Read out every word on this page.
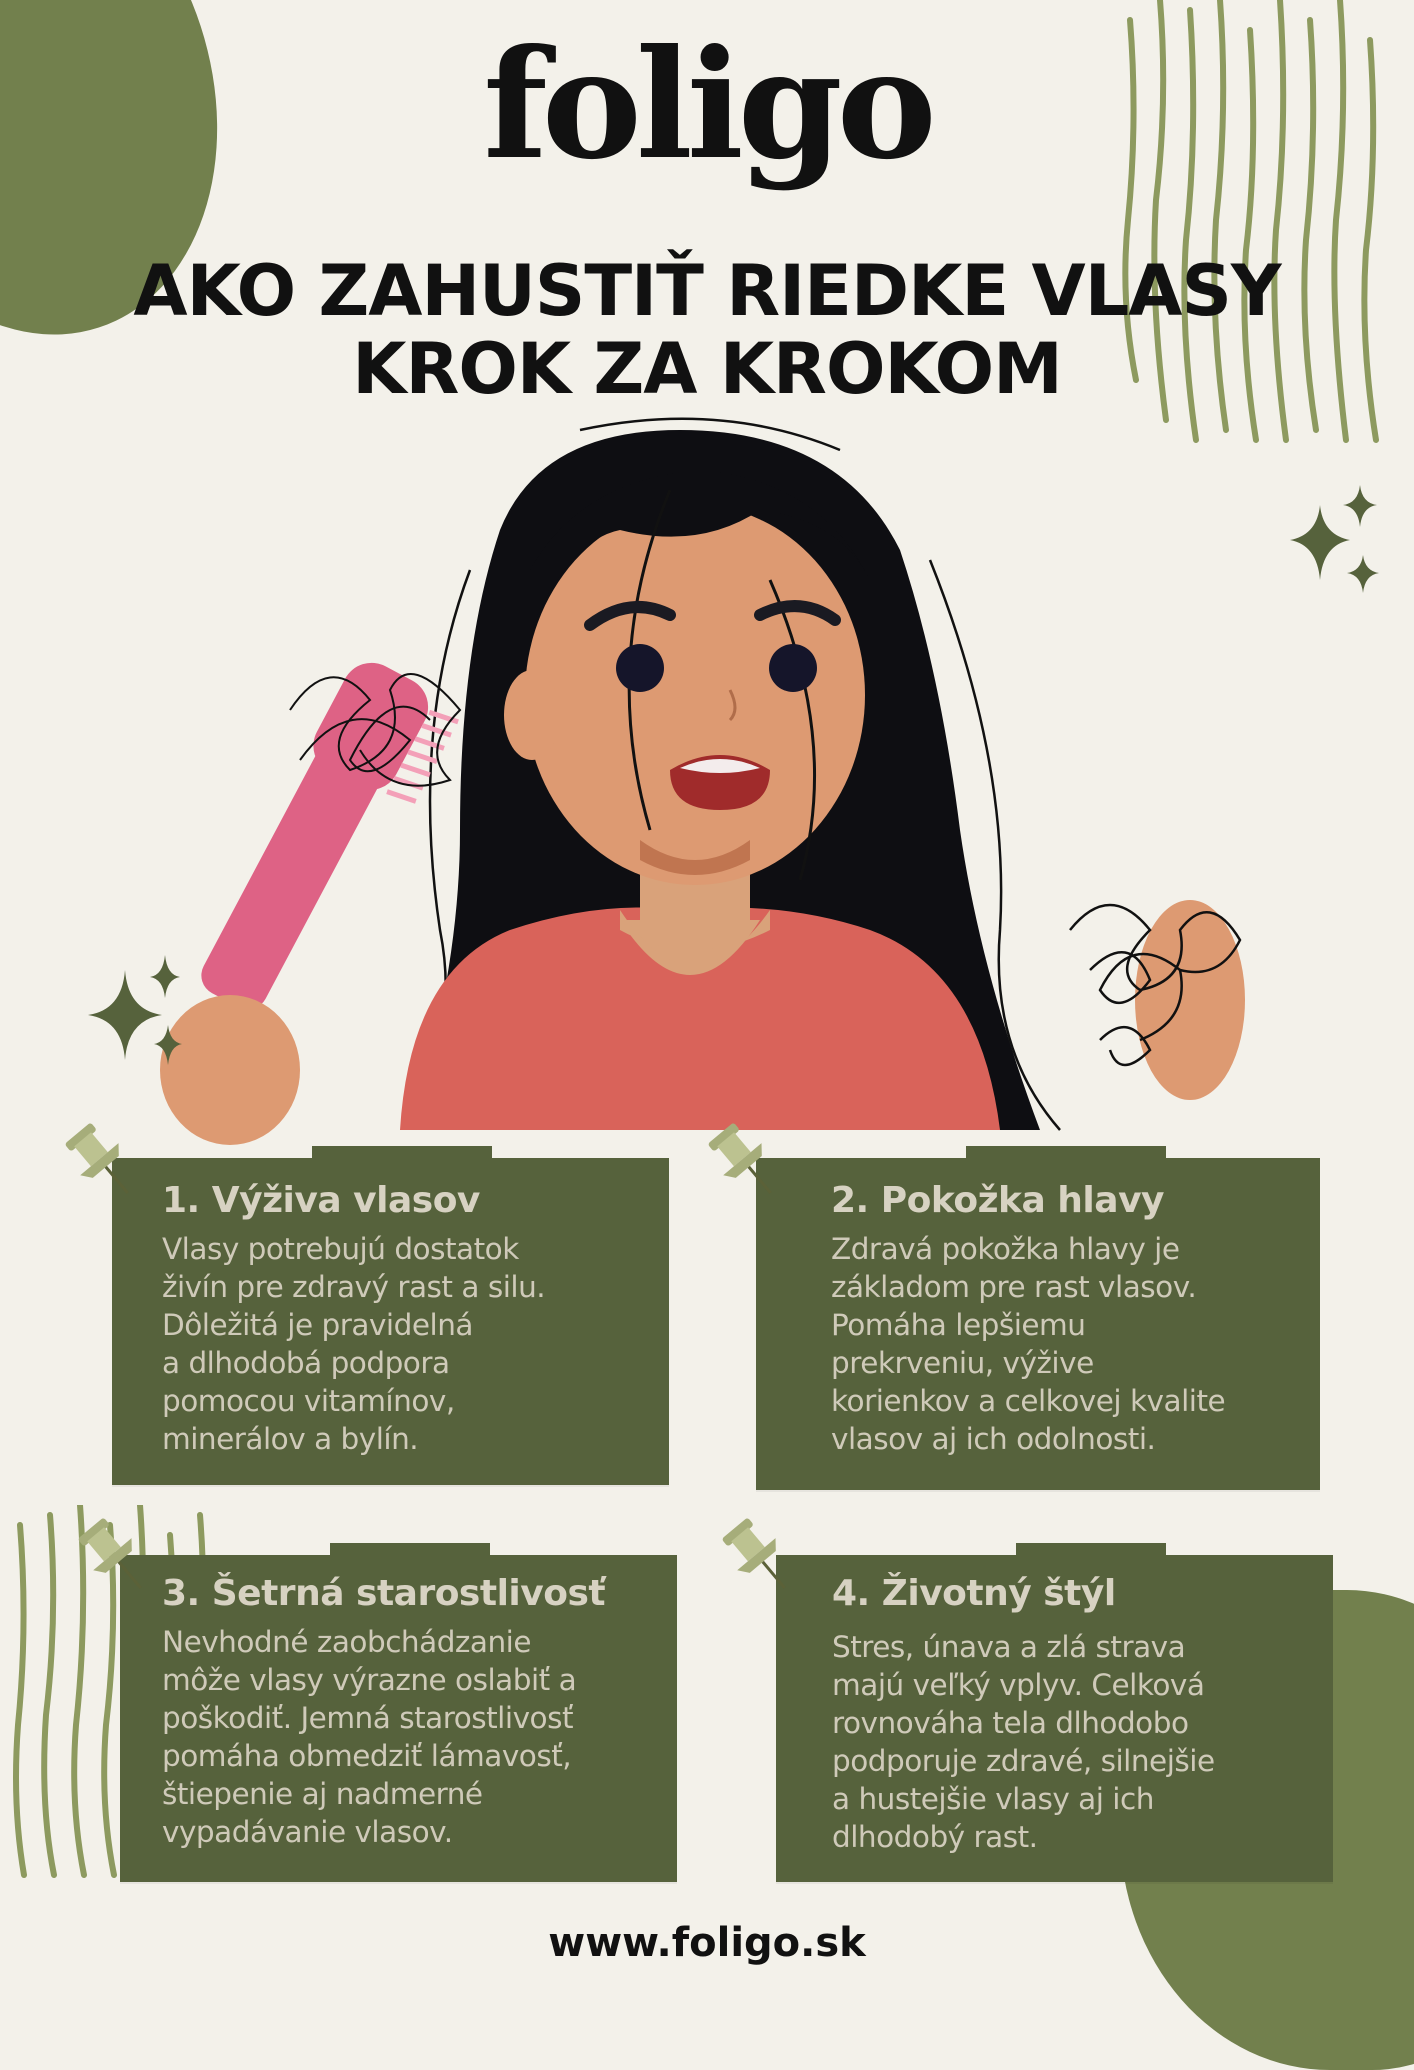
foligo
AKO ZAHUSTIŤ RIEDKE VLASY
KROK ZA KROKOM
1. Výživa vlasov

Vlasy potrebujú dostatok
živín pre zdravý rast a silu.
Dôležitá je pravidelná
a dlhodobá podpora
pomocou vitamínov,
minerálov a bylín.

2. Pokožka hlavy

Zdravá pokožka hlavy je
základom pre rast vlasov.
Pomáha lepšiemu
prekrveniu, výžive
korienkov a celkovej kvalite
vlasov aj ich odolnosti.

3. Šetrná starostlivosť

Nevhodné zaobchádzanie
môže vlasy výrazne oslabiť a
poškodiť. Jemná starostlivosť
pomáha obmedziť lámavosť,
štiepenie aj nadmerné
vypadávanie vlasov.

4. Životný štýl

Stres, únava a zlá strava
majú veľký vplyv. Celková
rovnováha tela dlhodobo
podporuje zdravé, silnejšie
a hustejšie vlasy aj ich
dlhodobý rast.

www.foligo.sk
